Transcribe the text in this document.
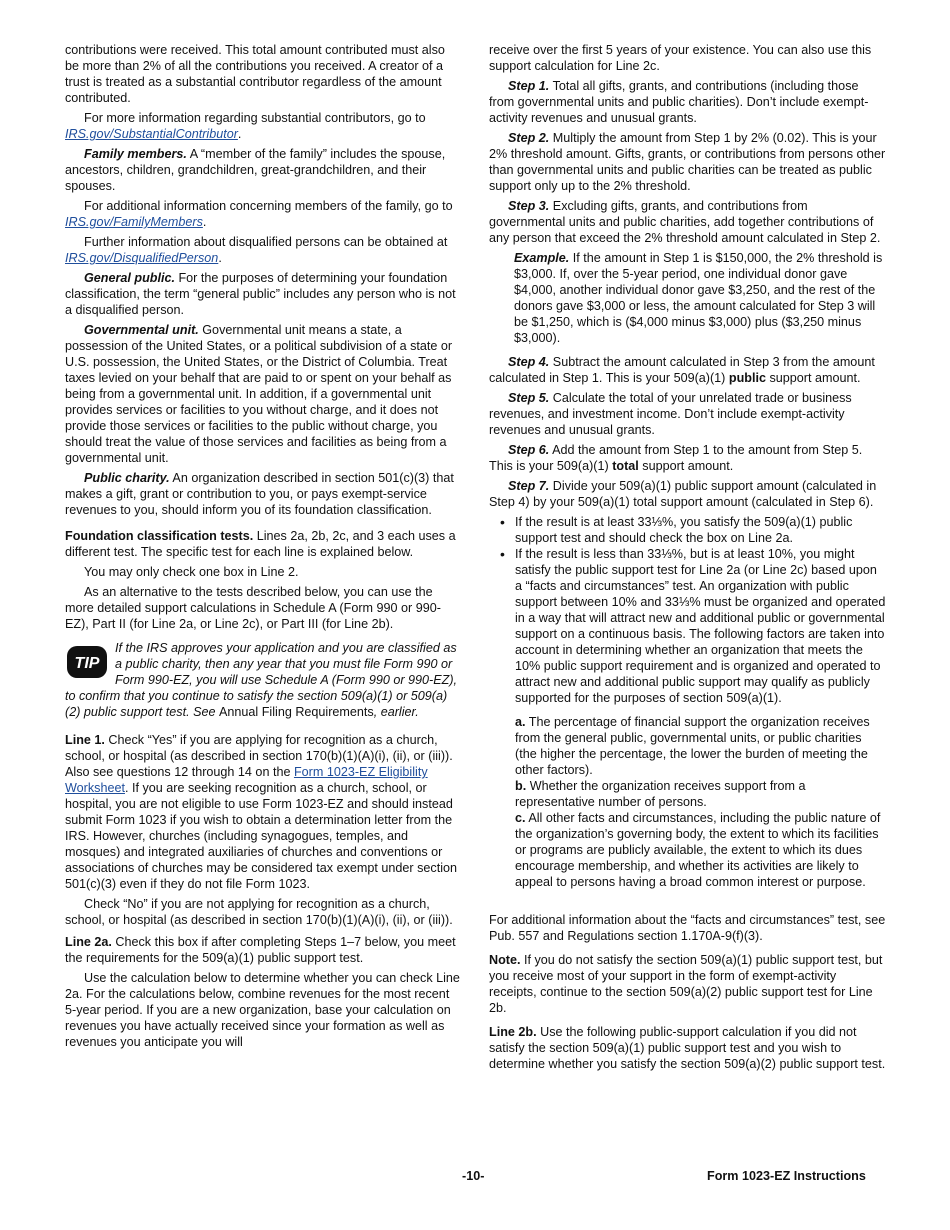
contributions were received. This total amount contributed must also be more than 2% of all the contributions you received. A creator of a trust is treated as a substantial contributor regardless of the amount contributed.

For more information regarding substantial contributors, go to IRS.gov/SubstantialContributor.

Family members. A “member of the family” includes the spouse, ancestors, children, grandchildren, great-grandchildren, and their spouses.

For additional information concerning members of the family, go to IRS.gov/FamilyMembers.

Further information about disqualified persons can be obtained at IRS.gov/DisqualifiedPerson.

General public. For the purposes of determining your foundation classification, the term “general public” includes any person who is not a disqualified person.

Governmental unit. Governmental unit means a state, a possession of the United States, or a political subdivision of a state or U.S. possession, the United States, or the District of Columbia. Treat taxes levied on your behalf that are paid to or spent on your behalf as being from a governmental unit. In addition, if a governmental unit provides services or facilities to you without charge, and it does not provide those services or facilities to the public without charge, you should treat the value of those services and facilities as being from a governmental unit.

Public charity. An organization described in section 501(c)(3) that makes a gift, grant or contribution to you, or pays exempt-service revenues to you, should inform you of its foundation classification.

Foundation classification tests. Lines 2a, 2b, 2c, and 3 each uses a different test. The specific test for each line is explained below.

You may only check one box in Line 2.

As an alternative to the tests described below, you can use the more detailed support calculations in Schedule A (Form 990 or 990-EZ), Part II (for Line 2a, or Line 2c), or Part III (for Line 2b).

TIP
If the IRS approves your application and you are classified as a public charity, then any year that you must file Form 990 or Form 990-EZ, you will use Schedule A (Form 990 or 990-EZ), to confirm that you continue to satisfy the section 509(a)(1) or 509(a)(2) public support test. See Annual Filing Requirements, earlier.

Line 1. Check “Yes” if you are applying for recognition as a church, school, or hospital (as described in section 170(b)(1)(A)(i), (ii), or (iii)). Also see questions 12 through 14 on the Form 1023-EZ Eligibility Worksheet. If you are seeking recognition as a church, school, or hospital, you are not eligible to use Form 1023-EZ and should instead submit Form 1023 if you wish to obtain a determination letter from the IRS. However, churches (including synagogues, temples, and mosques) and integrated auxiliaries of churches and conventions or associations of churches may be considered tax exempt under section 501(c)(3) even if they do not file Form 1023.

Check “No” if you are not applying for recognition as a church, school, or hospital (as described in section 170(b)(1)(A)(i), (ii), or (iii)).

Line 2a. Check this box if after completing Steps 1–7 below, you meet the requirements for the 509(a)(1) public support test.

Use the calculation below to determine whether you can check Line 2a. For the calculations below, combine revenues for the most recent 5-year period. If you are a new organization, base your calculation on revenues you have actually received since your formation as well as revenues you anticipate you will

receive over the first 5 years of your existence. You can also use this support calculation for Line 2c.

Step 1. Total all gifts, grants, and contributions (including those from governmental units and public charities). Don’t include exempt-activity revenues and unusual grants.

Step 2. Multiply the amount from Step 1 by 2% (0.02). This is your 2% threshold amount. Gifts, grants, or contributions from persons other than governmental units and public charities can be treated as public support only up to the 2% threshold.

Step 3. Excluding gifts, grants, and contributions from governmental units and public charities, add together contributions of any person that exceed the 2% threshold amount calculated in Step 2.

Example. If the amount in Step 1 is $150,000, the 2% threshold is $3,000. If, over the 5-year period, one individual donor gave $4,000, another individual donor gave $3,250, and the rest of the donors gave $3,000 or less, the amount calculated for Step 3 will be $1,250, which is ($4,000 minus $3,000) plus ($3,250 minus $3,000).

Step 4. Subtract the amount calculated in Step 3 from the amount calculated in Step 1. This is your 509(a)(1) public support amount.

Step 5. Calculate the total of your unrelated trade or business revenues, and investment income. Don’t include exempt-activity revenues and unusual grants.

Step 6. Add the amount from Step 1 to the amount from Step 5. This is your 509(a)(1) total support amount.

Step 7. Divide your 509(a)(1) public support amount (calculated in Step 4) by your 509(a)(1) total support amount (calculated in Step 6).

• If the result is at least 33⅓%, you satisfy the 509(a)(1) public support test and should check the box on Line 2a.
• If the result is less than 33⅓%, but is at least 10%, you might satisfy the public support test for Line 2a (or Line 2c) based upon a “facts and circumstances” test. An organization with public support between 10% and 33⅓% must be organized and operated in a way that will attract new and additional public or governmental support on a continuous basis. The following factors are taken into account in determining whether an organization that meets the 10% public support requirement and is organized and operated to attract new and additional public support may qualify as publicly supported for the purposes of section 509(a)(1).

a. The percentage of financial support the organization receives from the general public, governmental units, or public charities (the higher the percentage, the lower the burden of meeting the other factors).

b. Whether the organization receives support from a representative number of persons.

c. All other facts and circumstances, including the public nature of the organization’s governing body, the extent to which its facilities or programs are publicly available, the extent to which its dues encourage membership, and whether its activities are likely to appeal to persons having a broad common interest or purpose.

For additional information about the “facts and circumstances” test, see Pub. 557 and Regulations section 1.170A-9(f)(3).

Note. If you do not satisfy the section 509(a)(1) public support test, but you receive most of your support in the form of exempt-activity receipts, continue to the section 509(a)(2) public support test for Line 2b.

Line 2b. Use the following public-support calculation if you did not satisfy the section 509(a)(1) public support test and you wish to determine whether you satisfy the section 509(a)(2) public support test.

-10-	Form 1023-EZ Instructions
